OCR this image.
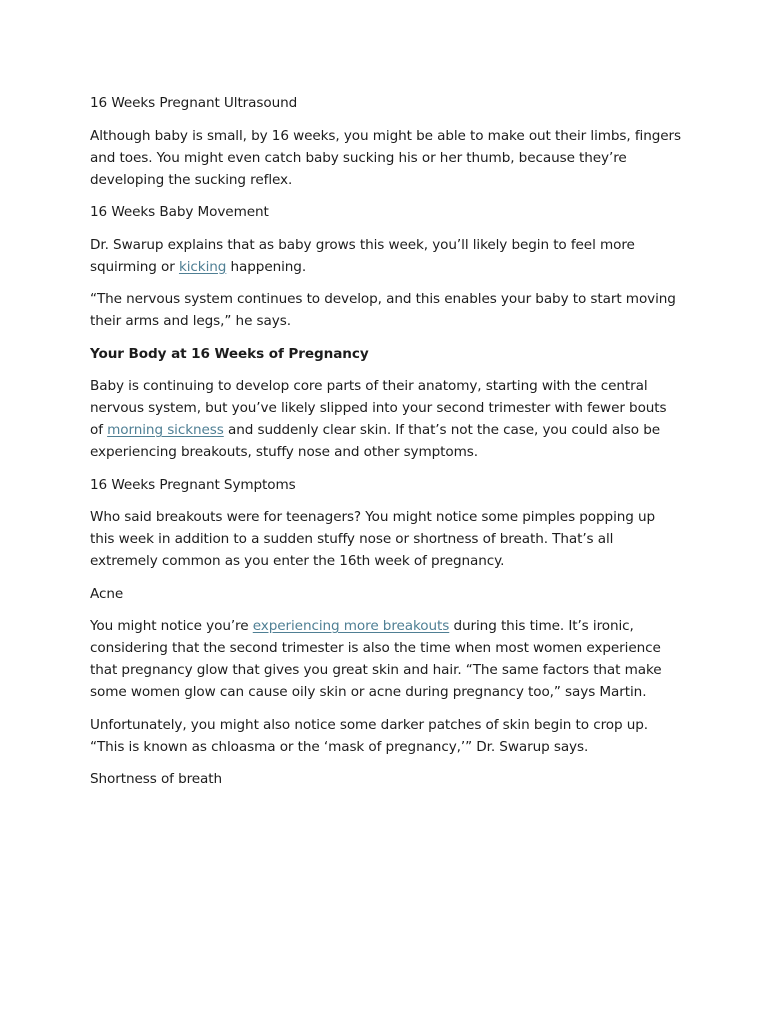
16 Weeks Pregnant Ultrasound

Although baby is small, by 16 weeks, you might be able to make out their limbs, fingers and toes. You might even catch baby sucking his or her thumb, because they’re developing the sucking reflex.

16 Weeks Baby Movement

Dr. Swarup explains that as baby grows this week, you’ll likely begin to feel more squirming or kicking happening.

“The nervous system continues to develop, and this enables your baby to start moving their arms and legs,” he says.

Your Body at 16 Weeks of Pregnancy

Baby is continuing to develop core parts of their anatomy, starting with the central nervous system, but you’ve likely slipped into your second trimester with fewer bouts of morning sickness and suddenly clear skin. If that’s not the case, you could also be experiencing breakouts, stuffy nose and other symptoms.

16 Weeks Pregnant Symptoms

Who said breakouts were for teenagers? You might notice some pimples popping up this week in addition to a sudden stuffy nose or shortness of breath. That’s all extremely common as you enter the 16th week of pregnancy.

Acne

You might notice you’re experiencing more breakouts during this time. It’s ironic, considering that the second trimester is also the time when most women experience that pregnancy glow that gives you great skin and hair. “The same factors that make some women glow can cause oily skin or acne during pregnancy too,” says Martin.

Unfortunately, you might also notice some darker patches of skin begin to crop up. “This is known as chloasma or the ‘mask of pregnancy,’” Dr. Swarup says.

Shortness of breath
